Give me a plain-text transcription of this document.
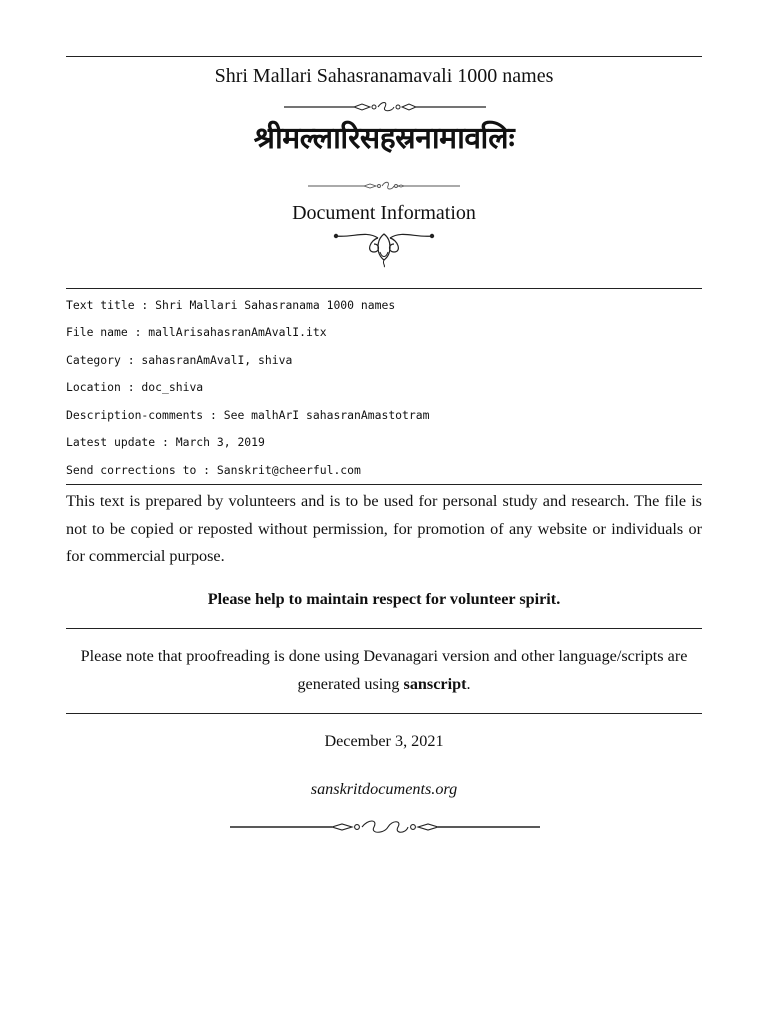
Shri Mallari Sahasranamavali 1000 names
श्रीमल्लारिसहस्रनामावलिः
Document Information
Text title : Shri Mallari Sahasranama 1000 names
File name : mallArisahasranAmAvalI.itx
Category : sahasranAmAvalI, shiva
Location : doc_shiva
Description-comments : See malhArI sahasranAmastotram
Latest update : March 3, 2019
Send corrections to : Sanskrit@cheerful.com
This text is prepared by volunteers and is to be used for personal study and research. The file is not to be copied or reposted without permission, for promotion of any website or individuals or for commercial purpose.
Please help to maintain respect for volunteer spirit.
Please note that proofreading is done using Devanagari version and other language/scripts are generated using sanscript.
December 3, 2021
sanskritdocuments.org
